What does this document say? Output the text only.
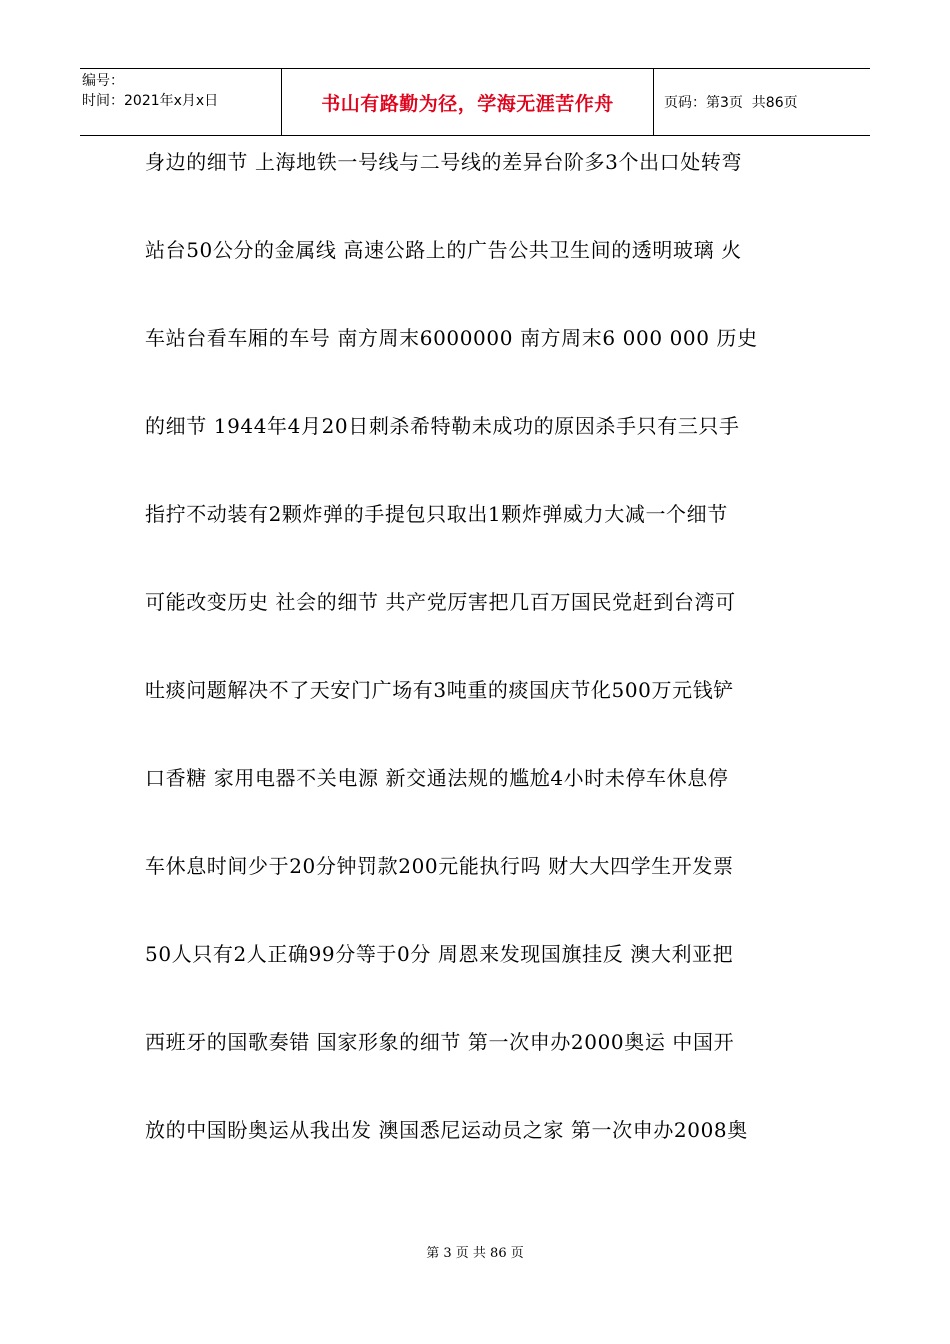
编号：
时间：2021年x月x日	书山有路勤为径，学海无涯苦作舟	页码：第3页  共86页
身边的细节 上海地铁一号线与二号线的差异台阶多3个出口处转弯
站台50公分的金属线 高速公路上的广告公共卫生间的透明玻璃 火
车站台看车厢的车号 南方周末6000000 南方周末6 000 000 历史
的细节 1944年4月20日刺杀希特勒未成功的原因杀手只有三只手
指拧不动装有2颗炸弹的手提包只取出1颗炸弹威力大减一个细节
可能改变历史 社会的细节 共产党厉害把几百万国民党赶到台湾可
吐痰问题解决不了天安门广场有3吨重的痰国庆节化500万元钱铲
口香糖 家用电器不关电源 新交通法规的尴尬4小时未停车休息停
车休息时间少于20分钟罚款200元能执行吗 财大大四学生开发票
50人只有2人正确99分等于0分 周恩来发现国旗挂反 澳大利亚把
西班牙的国歌奏错 国家形象的细节 第一次申办2000奥运 中国开
放的中国盼奥运从我出发 澳国悉尼运动员之家 第一次申办2008奥
第 3 页 共 86 页
